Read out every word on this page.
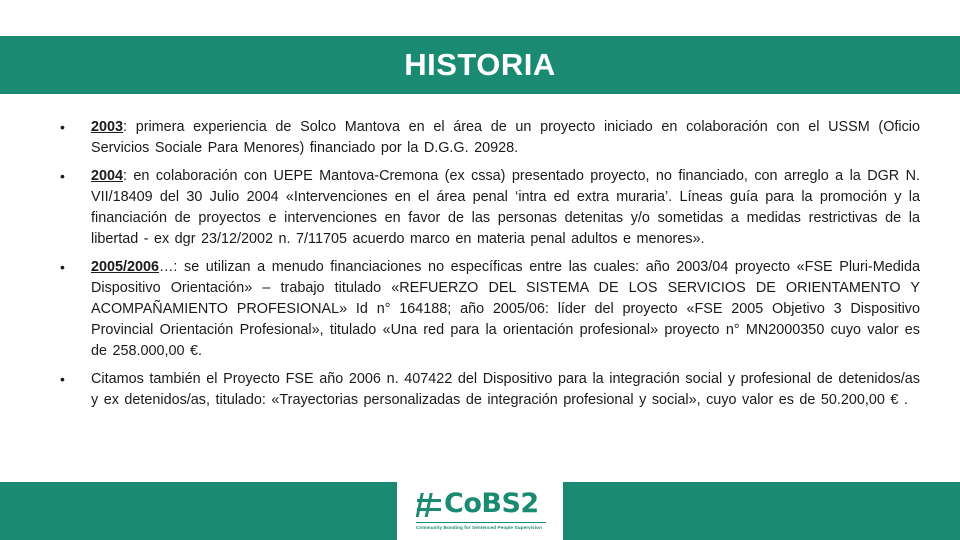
HISTORIA
• 2003: primera experiencia de Solco Mantova en el área de un proyecto iniciado en colaboración con el USSM (Oficio Servicios Sociale Para Menores) financiado por la D.G.G. 20928.
• 2004: en colaboración con UEPE Mantova-Cremona (ex cssa) presentado proyecto, no financiado, con arreglo a la DGR N. VII/18409 del 30 Julio 2004 «Intervenciones en el área penal ‘intra ed extra muraria’. Líneas guía para la promoción y la financiación de proyectos e intervenciones en favor de las personas detenitas y/o sometidas a medidas restrictivas de la libertad - ex dgr 23/12/2002 n. 7/11705 acuerdo marco en materia penal adultos e menores».
• 2005/2006…: se utilizan a menudo financiaciones no específicas entre las cuales: año 2003/04 proyecto «FSE Pluri-Medida Dispositivo Orientación» – trabajo titulado «REFUERZO DEL SISTEMA DE LOS SERVICIOS DE ORIENTAMENTO Y ACOMPAÑAMIENTO PROFESIONAL» Id n° 164188; año 2005/06: líder del proyecto «FSE 2005 Objetivo 3 Dispositivo Provincial Orientación Profesional», titulado «Una red para la orientación profesional» proyecto n° MN2000350 cuyo valor es de 258.000,00 €.
• Citamos también el Proyecto FSE año 2006 n. 407422 del Dispositivo para la integración social y profesional de detenidos/as y ex detenidos/as, titulado: «Trayectorias personalizadas de integración profesional y social», cuyo valor es de 50.200,00 € .
CoBS2
Community Bonding for Sentenced People Supervision
